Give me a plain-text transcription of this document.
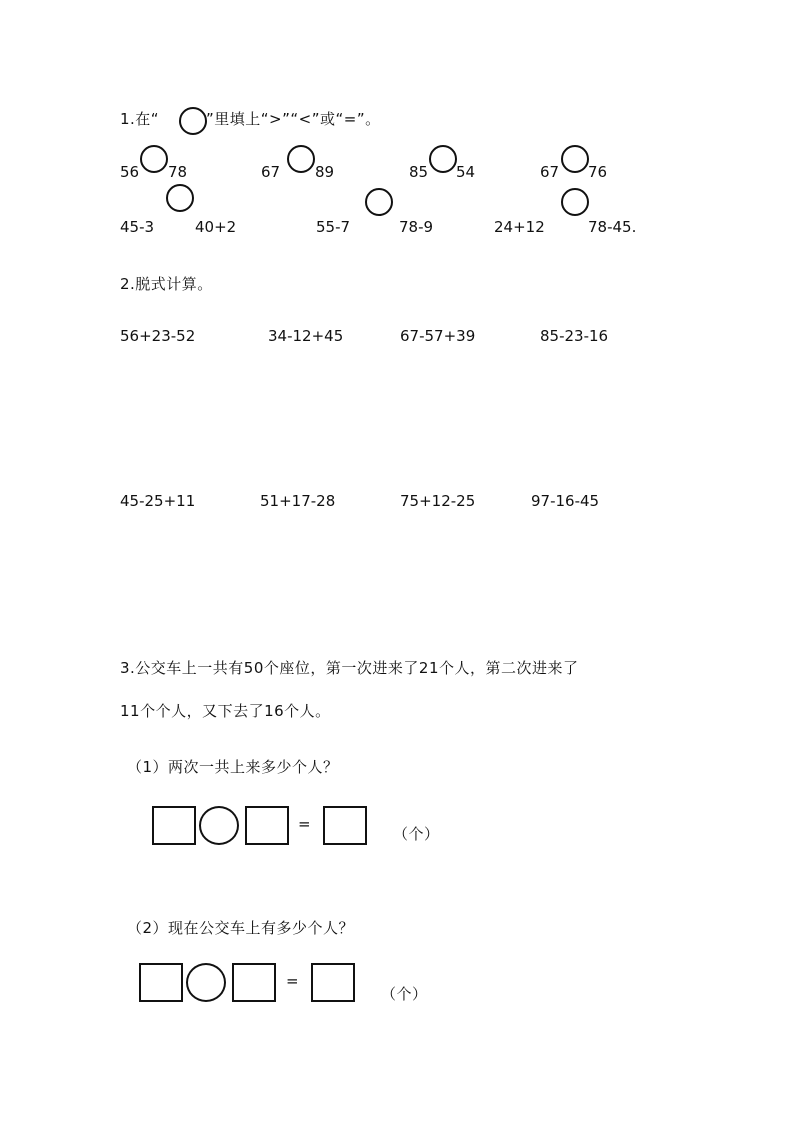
1.在“	”里填上“>”“<”或“=”。
56 78	67 89	85 54	67 76
45-3	40+2	55-7	78-9	24+12	78-45.
2.脱式计算。
56+23-52	34-12+45	67-57+39	85-23-16
45-25+11	51+17-28	75+12-25	97-16-45
3.公交车上一共有50个座位，第一次进来了21个人，第二次进来了
11个个人，又下去了16个人。
（1）两次一共上来多少个人？
=
（个）
（2）现在公交车上有多少个人？
=
（个）
